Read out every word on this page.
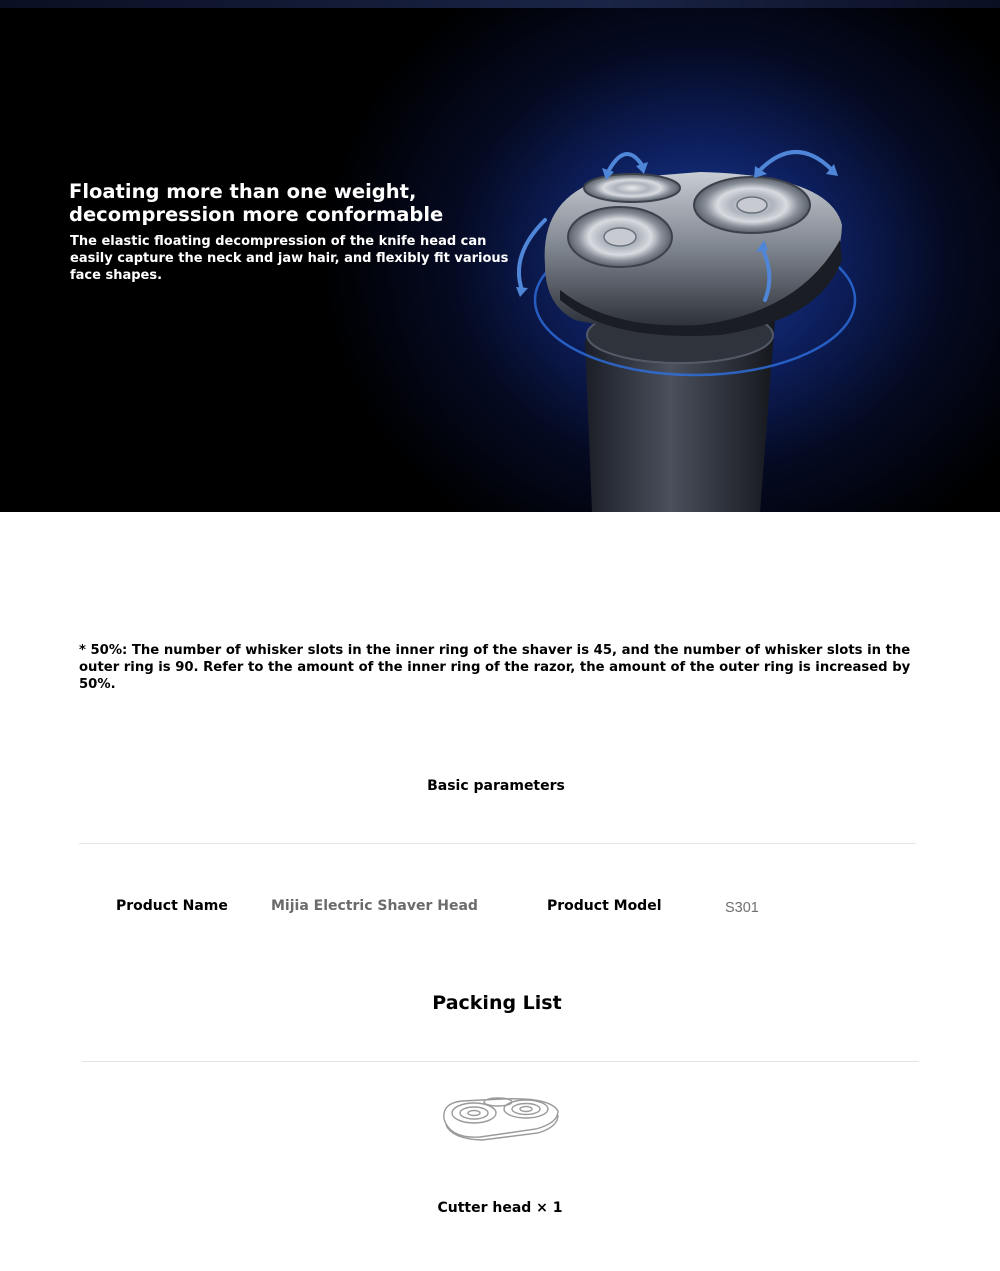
Floating more than one weight, decompression more conformable
The elastic floating decompression of the knife head can easily capture the neck and jaw hair, and flexibly fit various face shapes.
* 50%: The number of whisker slots in the inner ring of the shaver is 45, and the number of whisker slots in the outer ring is 90. Refer to the amount of the inner ring of the razor, the amount of the outer ring is increased by 50%.
Basic parameters
Product Name	Mijia Electric Shaver Head	Product Model	S301
Packing List
Cutter head × 1
